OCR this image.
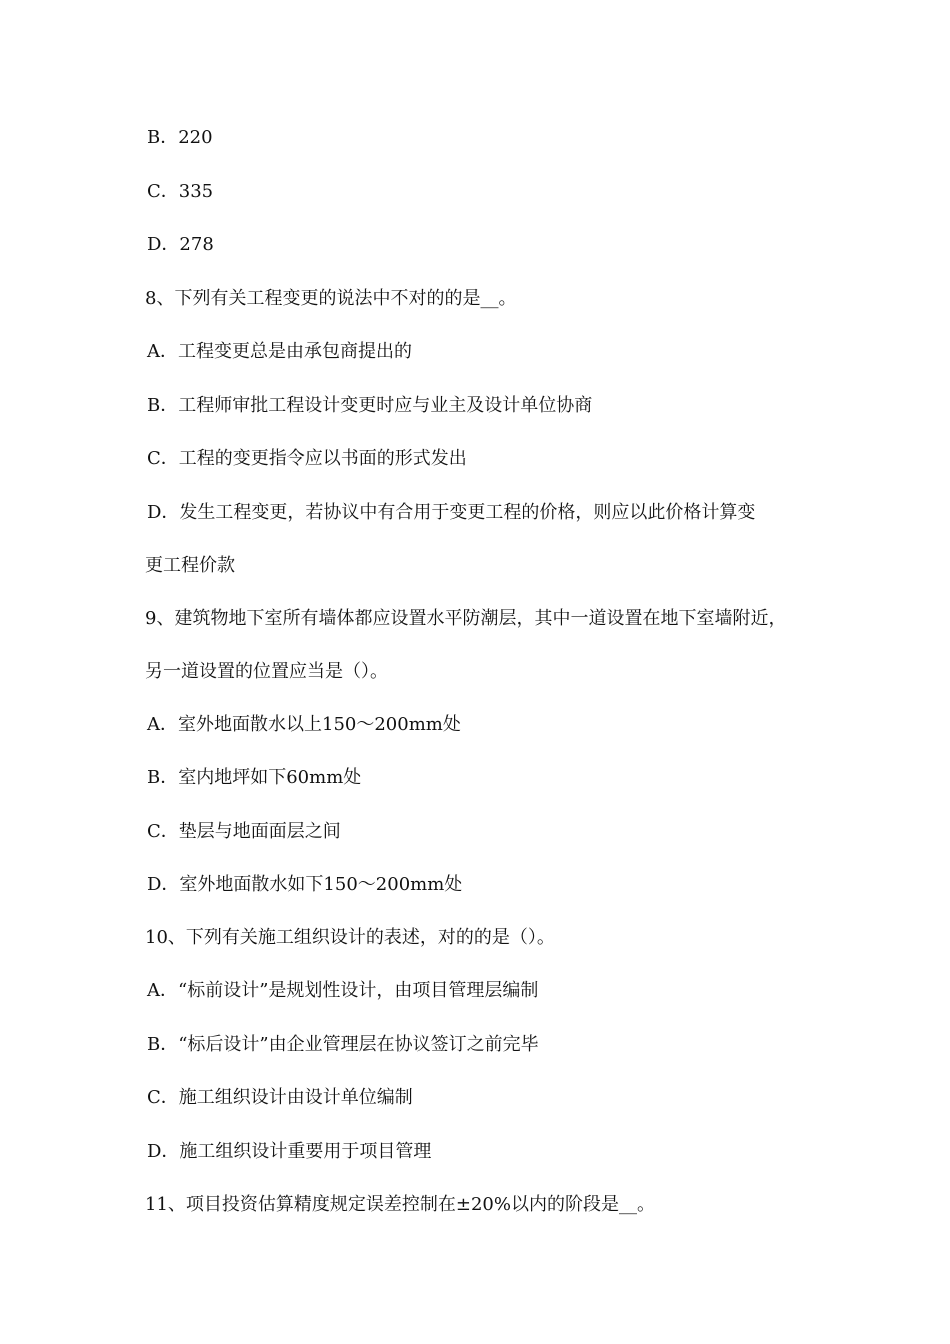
B．220
C．335
D．278
8、下列有关工程变更的说法中不对的的是__。
A．工程变更总是由承包商提出的
B．工程师审批工程设计变更时应与业主及设计单位协商
C．工程的变更指令应以书面的形式发出
D．发生工程变更，若协议中有合用于变更工程的价格，则应以此价格计算变
更工程价款
9、建筑物地下室所有墙体都应设置水平防潮层，其中一道设置在地下室墙附近，
另一道设置的位置应当是（）。
A．室外地面散水以上150～200mm处
B．室内地坪如下60mm处
C．垫层与地面面层之间
D．室外地面散水如下150～200mm处
10、下列有关施工组织设计的表述，对的的是（）。
A．“标前设计”是规划性设计，由项目管理层编制
B．“标后设计”由企业管理层在协议签订之前完毕
C．施工组织设计由设计单位编制
D．施工组织设计重要用于项目管理
11、项目投资估算精度规定误差控制在±20%以内的阶段是__。
